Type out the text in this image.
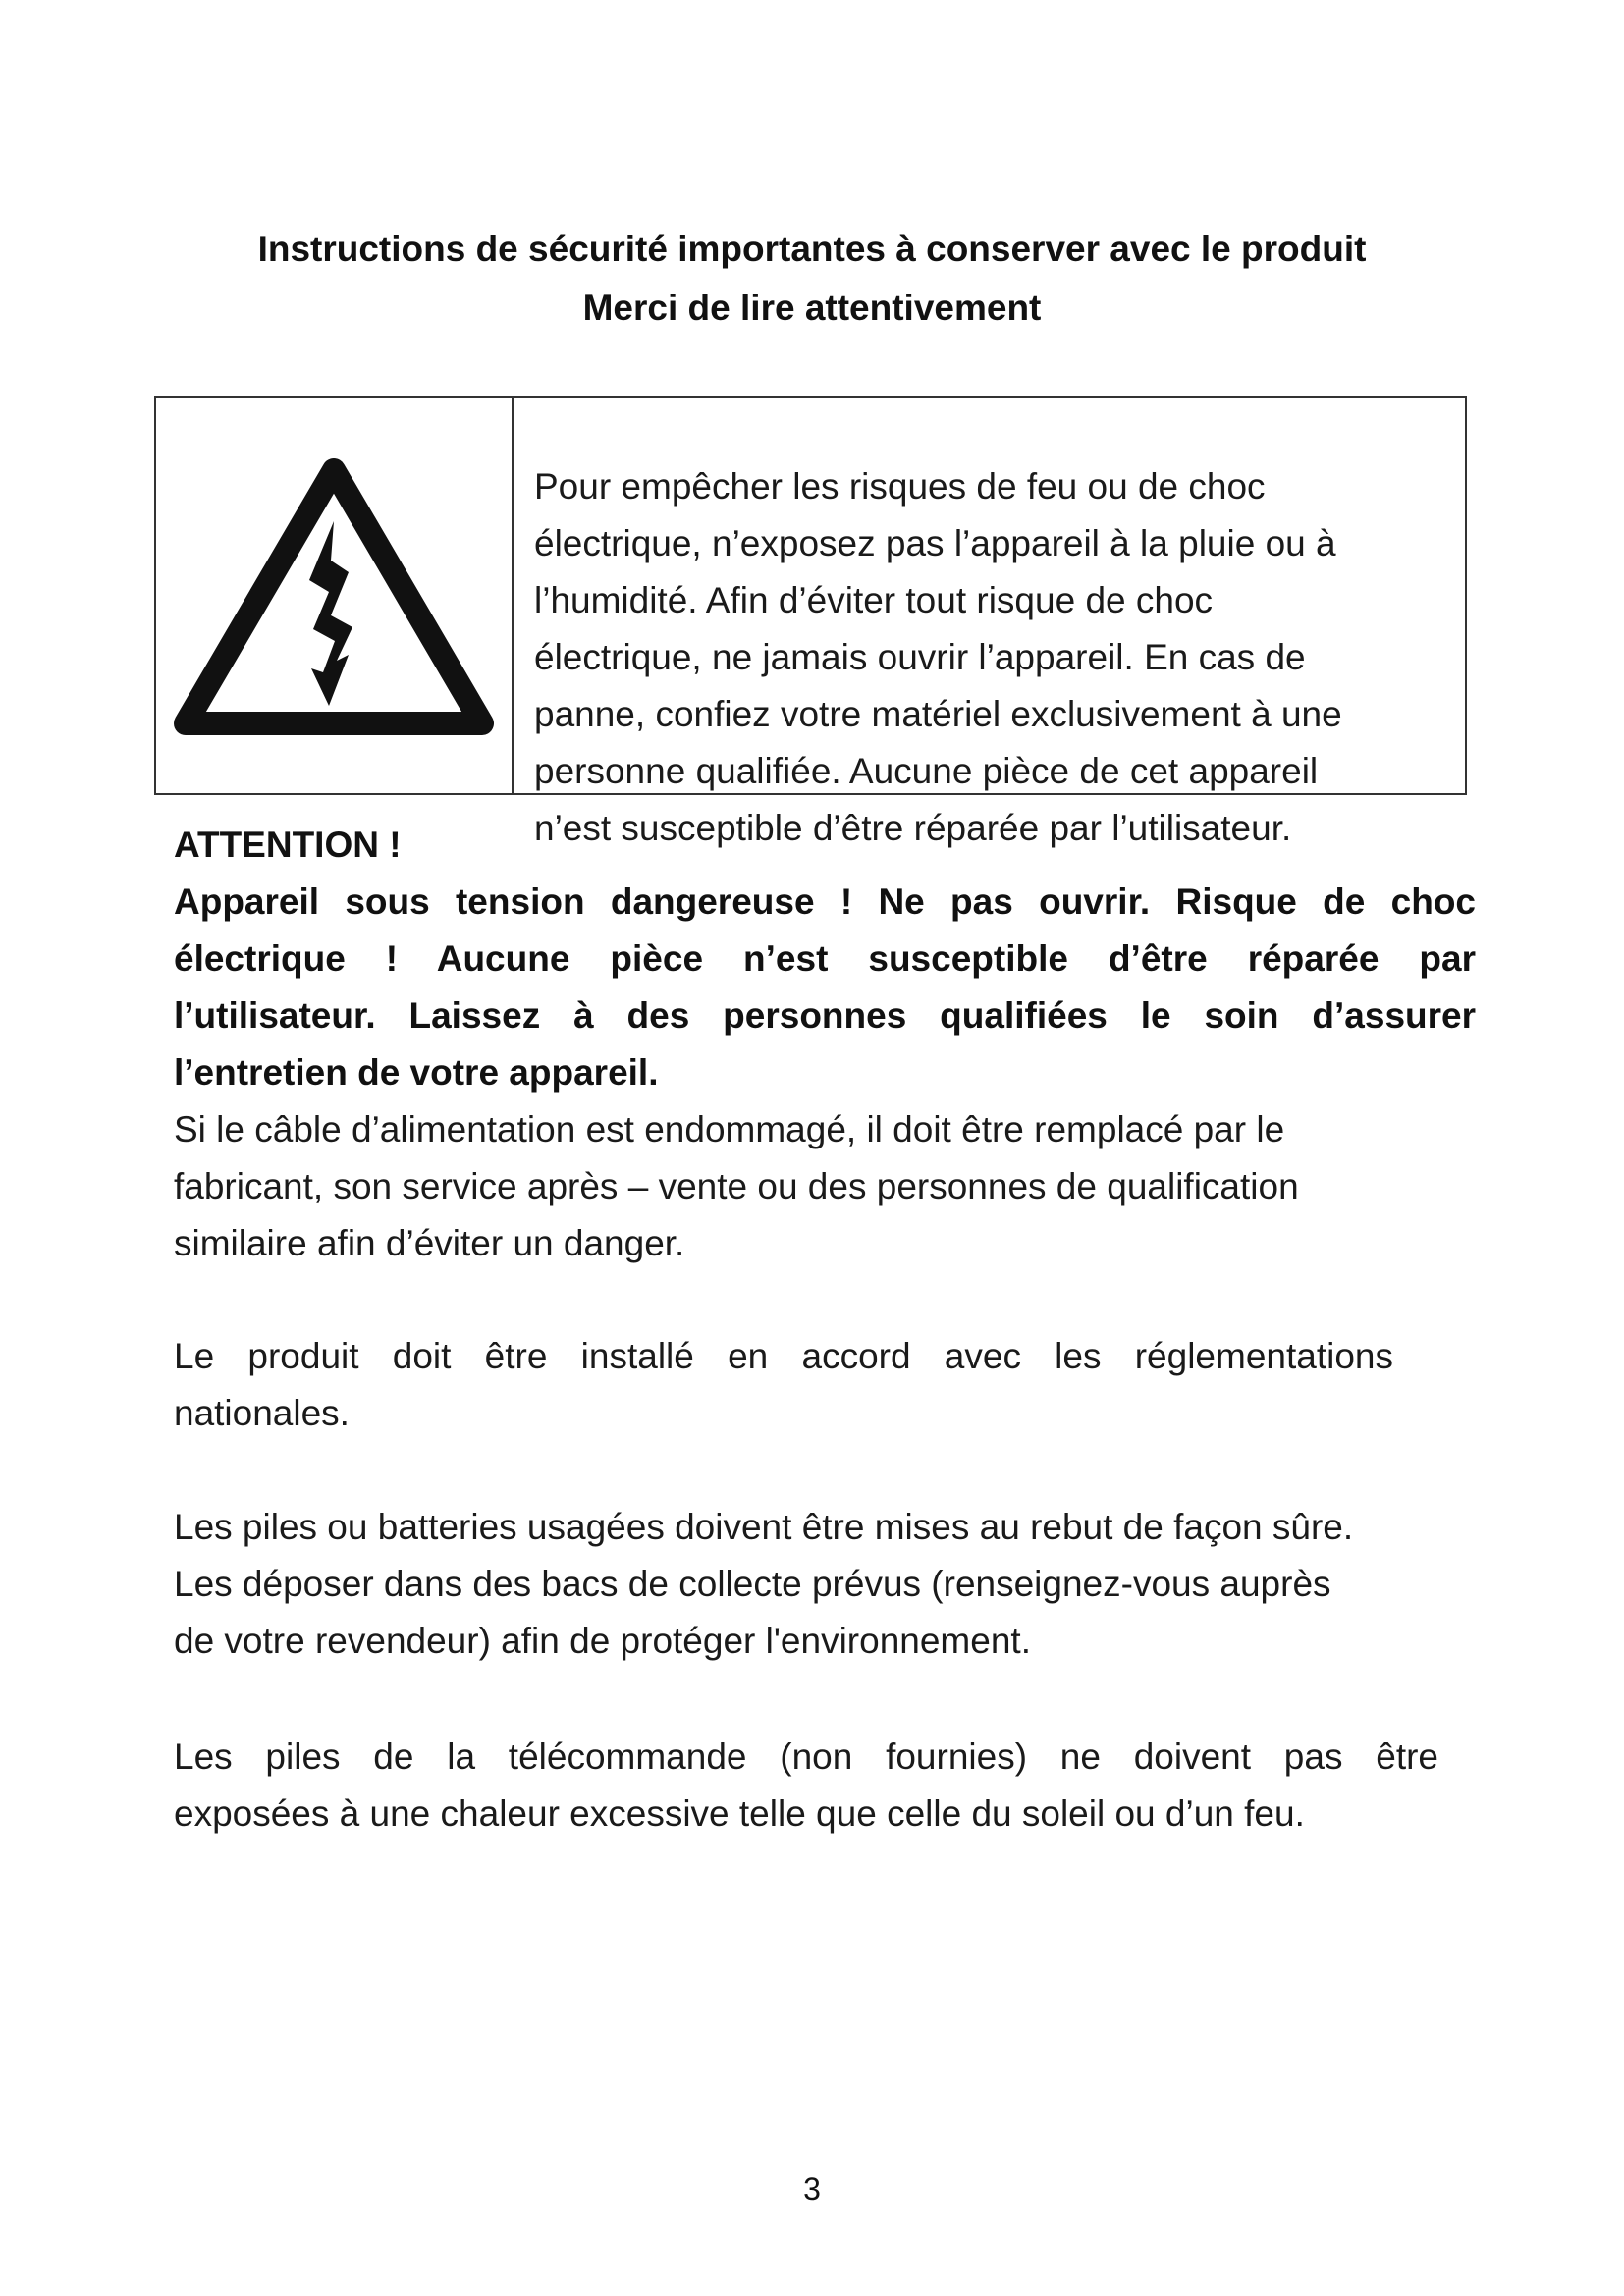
Instructions de sécurité importantes à conserver avec le produit
Merci de lire attentivement

Pour empêcher les risques de feu ou de choc
électrique, n’exposez pas l’appareil à la pluie ou à
l’humidité. Afin d’éviter tout risque de choc
électrique, ne jamais ouvrir l’appareil. En cas de
panne, confiez votre matériel exclusivement à une
personne qualifiée. Aucune pièce de cet appareil
n’est susceptible d’être réparée par l’utilisateur.

ATTENTION !
Appareil sous tension dangereuse ! Ne pas ouvrir. Risque de choc
électrique ! Aucune pièce n’est susceptible d’être réparée par
l’utilisateur. Laissez à des personnes qualifiées le soin d’assurer
l’entretien de votre appareil.
Si le câble d’alimentation est endommagé, il doit être remplacé par le
fabricant, son service après – vente ou des personnes de qualification
similaire afin d’éviter un danger.
Le produit doit être installé en accord avec les réglementations
nationales.
Les piles ou batteries usagées doivent être mises au rebut de façon sûre.
Les déposer dans des bacs de collecte prévus (renseignez-vous auprès
de votre revendeur) afin de protéger l'environnement.
Les piles de la télécommande (non fournies) ne doivent pas être
exposées à une chaleur excessive telle que celle du soleil ou d’un feu.
3
